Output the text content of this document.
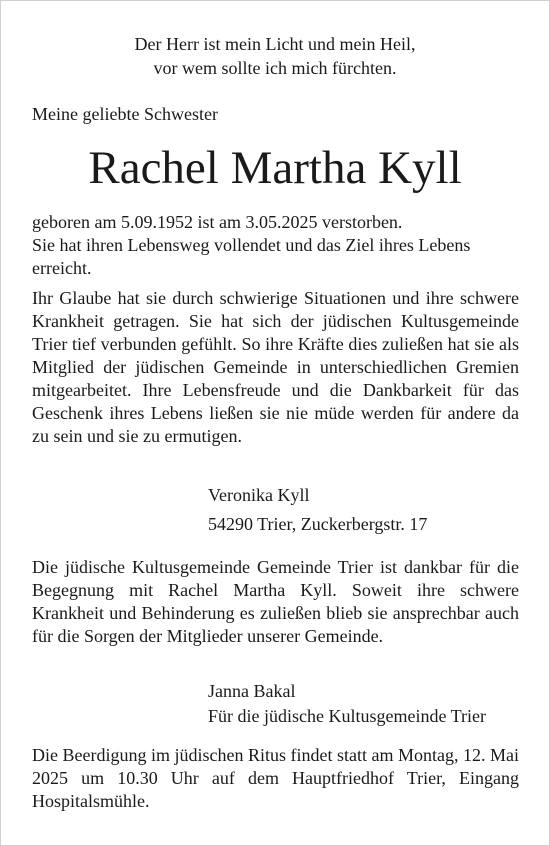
Der Herr ist mein Licht und mein Heil,
vor wem sollte ich mich fürchten.
Meine geliebte Schwester
Rachel Martha Kyll
geboren am 5.09.1952 ist am 3.05.2025 verstorben.
Sie hat ihren Lebensweg vollendet und das Ziel ihres Lebens erreicht.
Ihr Glaube hat sie durch schwierige Situationen und ihre schwere Krankheit getragen. Sie hat sich der jüdischen Kultusgemeinde Trier tief verbunden gefühlt. So ihre Kräfte dies zuließen hat sie als Mitglied der jüdischen Gemeinde in unterschiedlichen Gremien mitgearbeitet. Ihre Lebensfreude und die Dankbarkeit für das Geschenk ihres Lebens ließen sie nie müde werden für andere da zu sein und sie zu ermutigen.
Veronika Kyll
54290 Trier, Zuckerbergstr. 17
Die jüdische Kultusgemeinde Gemeinde Trier ist dankbar für die Begegnung mit Rachel Martha Kyll. Soweit ihre schwere Krankheit und Behinderung es zuließen blieb sie ansprechbar auch für die Sorgen der Mitglieder unserer Gemeinde.
Janna Bakal
Für die jüdische Kultusgemeinde Trier
Die Beerdigung im jüdischen Ritus findet statt am Montag, 12. Mai 2025 um 10.30 Uhr auf dem Hauptfriedhof Trier, Eingang Hospitalsmühle.
